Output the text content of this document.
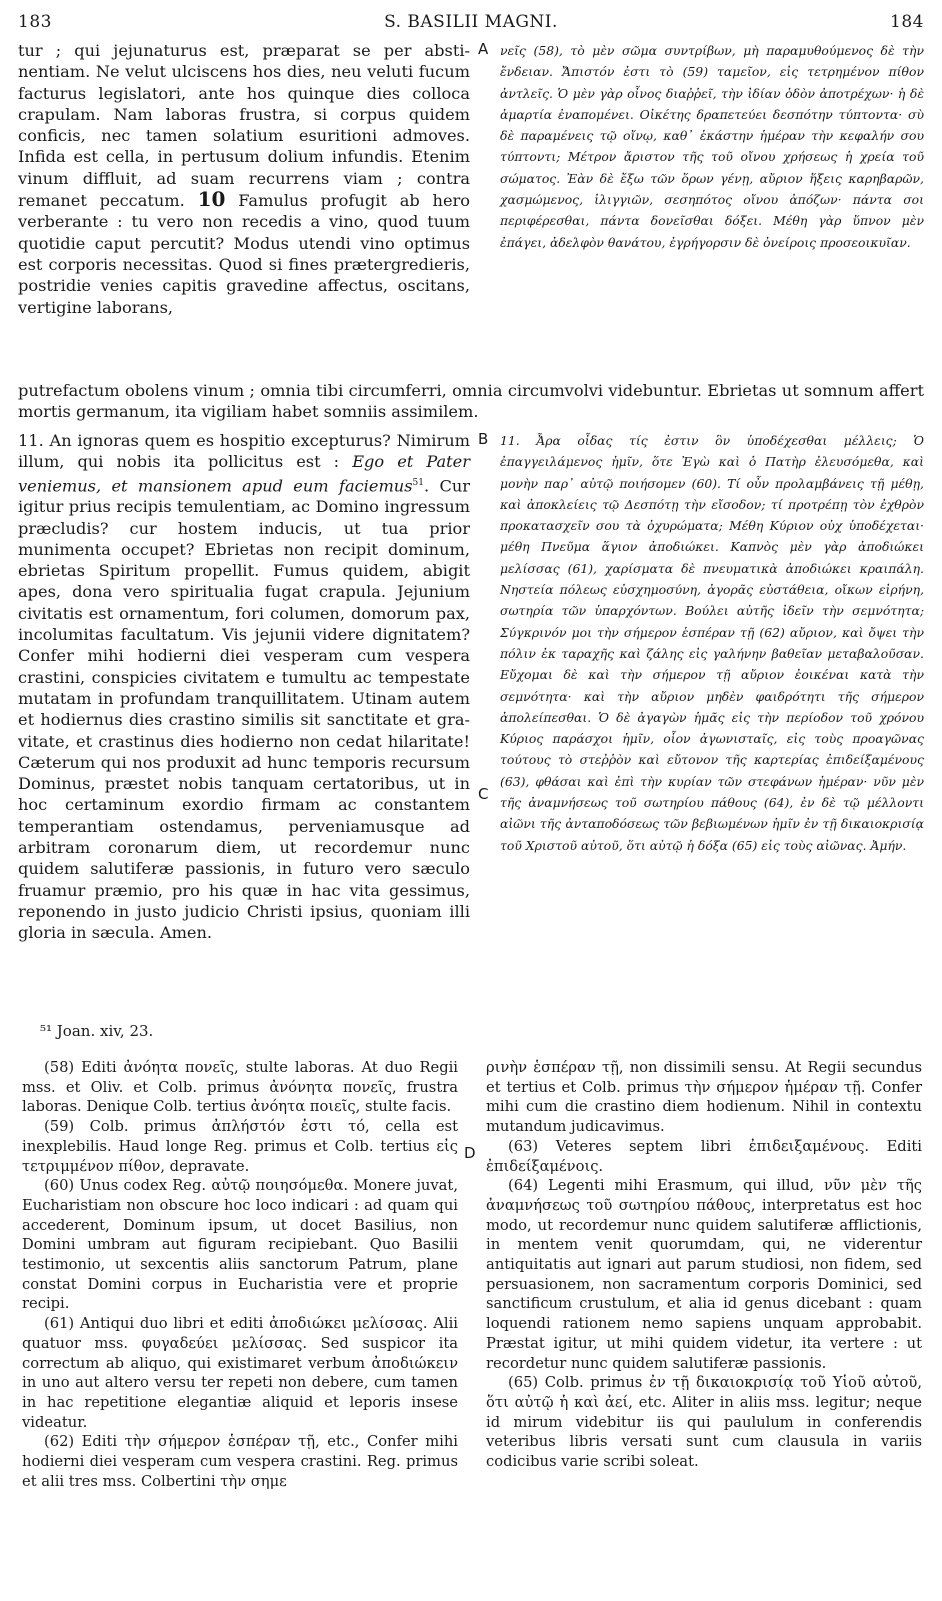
183	S. BASILII MAGNI.	184

tur ; qui jejunaturus est, præparat se per abstinentiam. Ne velut ulciscens hos dies, neu veluti fucum facturus legislatori, ante hos quinque dies colloca crapulam. Nam laboras frustra, si corpus quidem conficis, nec tamen solatium esuritioni admoves. Infida est cella, in pertusum dolium infundis. Etenim vinum diffluit, ad suam recurrens viam ; contra remanet peccatum. 10 Famulus profugit ab hero verberante : tu vero non recedis a vino, quod tuum quotidie caput percutit? Modus utendi vino optimus est corporis necessitas. Quod si fines prætergredieris, postridie venies capitis gravedine affectus, oscitans, vertigine laborans,

A νεῖς (58), τὸ μὲν σῶμα συντρίβων, μὴ παραμυθούμενος δὲ τὴν ἔνδειαν. Ἄπιστόν ἐστι τὸ (59) ταμεῖον, εἰς τετρημένον πίθον ἀντλεῖς. Ὁ μὲν γὰρ οἶνος διαῤῥεῖ, τὴν ἰδίαν ὁδὸν ἀποτρέχων· ἡ δὲ ἁμαρτία ἐναπομένει. Οἰκέτης δραπετεύει δεσπότην τύπτοντα· σὺ δὲ παραμένεις τῷ οἴνῳ, καθ᾽ ἑκάστην ἡμέραν τὴν κεφαλήν σου τύπτοντι; Μέτρον ἄριστον τῆς τοῦ οἴνου χρήσεως ἡ χρεία τοῦ σώματος. Ἐὰν δὲ ἔξω τῶν ὅρων γένῃ, αὔριον ἥξεις καρηβαρῶν, χασμώμενος, ἰλιγγιῶν, σεσηπότος οἴνου ἀπόζων· πάντα σοι περιφέρεσθαι, πάντα δονεῖσθαι δόξει. Μέθη γὰρ ὕπνον μὲν ἐπάγει, ἀδελφὸν θανάτου, ἐγρήγορσιν δὲ ὀνείροις προσεοικυῖαν.

putrefactum obolens vinum ; omnia tibi circumferri, omnia circumvolvi videbuntur. Ebrietas ut somnum affert mortis germanum, ita vigiliam habet somniis assimilem.

11. An ignoras quem es hospitio excepturus? Nimirum illum, qui nobis ita pollicitus est : Ego et Pater veniemus, et mansionem apud eum faciemus$^{51}$. Cur igitur prius recipis temulentiam, ac Domino ingressum præcludis? cur hostem inducis, ut tua prior munimenta occupet? Ebrietas non recipit dominum, ebrietas Spiritum propellit. Fumus quidem, abigit apes, dona vero spiritualia fugat crapula. Jejunium civitatis est ornamentum, fori columen, domorum pax, incolumitas facultatum. Vis jejunii videre dignitatem? Confer mihi hodierni diei vesperam cum vespera crastini, conspicies civitatem e tumultu ac tempestate mutatam in profundam tranquillitatem. Utinam autem et hodiernus dies crastino similis sit sanctitate et gravitate, et crastinus dies hodierno non cedat hilaritate! Cæterum qui nos produxit ad hunc temporis recursum Dominus, præstet nobis tanquam certatoribus, ut in hoc certaminum exordio firmam ac constantem temperantiam ostendamus, perveniamusque ad arbitram coronarum diem, ut recordemur nunc quidem salutiferæ passionis, in futuro vero sæculo fruamur præmio, pro his quæ in hac vita gessimus, reponendo in justo judicio Christi ipsius, quoniam illi gloria in sæcula. Amen.

B
C

11. Ἆρα οἶδας τίς ἐστιν ὃν ὑποδέχεσθαι μέλλεις; Ὁ ἐπαγγειλάμενος ἡμῖν, ὅτε Ἐγὼ καὶ ὁ Πατὴρ ἐλευσόμεθα, καὶ μονὴν παρ᾽ αὐτῷ ποιήσομεν (60). Τί οὖν προλαμβάνεις τῇ μέθῃ, καὶ ἀποκλείεις τῷ Δεσπότῃ τὴν εἴσοδον; τί προτρέπῃ τὸν ἐχθρὸν προκατασχεῖν σου τὰ ὀχυρώματα; Μέθη Κύριον οὐχ ὑποδέχεται· μέθη Πνεῦμα ἅγιον ἀποδιώκει. Καπνὸς μὲν γὰρ ἀποδιώκει μελίσσας (61), χαρίσματα δὲ πνευματικὰ ἀποδιώκει κραιπάλη. Νηστεία πόλεως εὐσχημοσύνη, ἀγορᾶς εὐστάθεια, οἴκων εἰρήνη, σωτηρία τῶν ὑπαρχόντων. Βούλει αὐτῆς ἰδεῖν τὴν σεμνότητα; Σύγκρινόν μοι τὴν σήμερον ἑσπέραν τῇ (62) αὔριον, καὶ ὄψει τὴν πόλιν ἐκ ταραχῆς καὶ ζάλης εἰς γαλήνην βαθεῖαν μεταβαλοῦσαν. Εὔχομαι δὲ καὶ τὴν σήμερον τῇ αὔριον ἐοικέναι κατὰ τὴν σεμνότητα· καὶ τὴν αὔριον μηδὲν φαιδρότητι τῆς σήμερον ἀπολείπεσθαι. Ὁ δὲ ἀγαγὼν ἡμᾶς εἰς τὴν περίοδον τοῦ χρόνου Κύριος παράσχοι ἡμῖν, οἷον ἀγωνισταῖς, εἰς τοὺς προαγῶνας τούτους τὸ στεῤῥὸν καὶ εὔτονον τῆς καρτερίας ἐπιδείξαμένους (63), φθάσαι καὶ ἐπὶ τὴν κυρίαν τῶν στεφάνων ἡμέραν· νῦν μὲν τῆς ἀναμνήσεως τοῦ σωτηρίου πάθους (64), ἐν δὲ τῷ μέλλοντι αἰῶνι τῆς ἀνταποδόσεως τῶν βεβιωμένων ἡμῖν ἐν τῇ δικαιοκρισίᾳ τοῦ Χριστοῦ αὐτοῦ, ὅτι αὐτῷ ἡ δόξα (65) εἰς τοὺς αἰῶνας. Ἀμήν.

⁵¹ Joan. xiv, 23.

(58) Editi ἀνόητα πονεῖς, stulte laboras. At duo Regii mss. et Oliv. et Colb. primus ἀνόνητα πονεῖς, frustra laboras. Denique Colb. tertius ἀνόητα ποιεῖς, stulte facis.

(59) Colb. primus ἀπλήστόν ἐστι τό, cella est inexplebilis. Haud longe Reg. primus et Colb. tertius εἰς τετριμμένον πίθον, depravate.

(60) Unus codex Reg. αὐτῷ ποιησόμεθα. Monere juvat, Eucharistiam non obscure hoc loco indicari : ad quam qui accederent, Dominum ipsum, ut docet Basilius, non Domini umbram aut figuram recipiebant. Quo Basilii testimonio, ut sexcentis aliis sanctorum Patrum, plane constat Domini corpus in Eucharistia vere et proprie recipi.

(61) Antiqui duo libri et editi ἀποδιώκει μελίσσας. Alii quatuor mss. φυγαδεύει μελίσσας. Sed suspicor ita correctum ab aliquo, qui existimaret verbum ἀποδιώκειν in uno aut altero versu ter repeti non debere, cum tamen in hac repetitione elegantiæ aliquid et leporis insese videatur.

(62) Editi τὴν σήμερον ἑσπέραν τῇ, etc., Confer mihi hodierni diei vesperam cum vespera crastini. Reg. primus et alii tres mss. Colbertini τὴν σημε

D

ρινὴν ἑσπέραν τῇ, non dissimili sensu. At Regii secundus et tertius et Colb. primus τὴν σήμερον ἡμέραν τῇ. Confer mihi cum die crastino diem hodienum. Nihil in contextu mutandum judicavimus.

(63) Veteres septem libri ἐπιδειξαμένους. Editi ἐπιδείξαμένοις.

(64) Legenti mihi Erasmum, qui illud, νῦν μὲν τῆς ἀναμνήσεως τοῦ σωτηρίου πάθους, interpretatus est hoc modo, ut recordemur nunc quidem salutiferæ afflictionis, in mentem venit quorumdam, qui, ne viderentur antiquitatis aut ignari aut parum studiosi, non fidem, sed persuasionem, non sacramentum corporis Dominici, sed sanctificum crustulum, et alia id genus dicebant : quam loquendi rationem nemo sapiens unquam approbabit. Præstat igitur, ut mihi quidem videtur, ita vertere : ut recordetur nunc quidem salutiferæ passionis.

(65) Colb. primus ἐν τῇ δικαιοκρισίᾳ τοῦ Υἱοῦ αὐτοῦ, ὅτι αὐτῷ ἡ καὶ ἀεί, etc. Aliter in aliis mss. legitur; neque id mirum videbitur iis qui paululum in conferendis veteribus libris versati sunt cum clausula in variis codicibus varie scribi soleat.
